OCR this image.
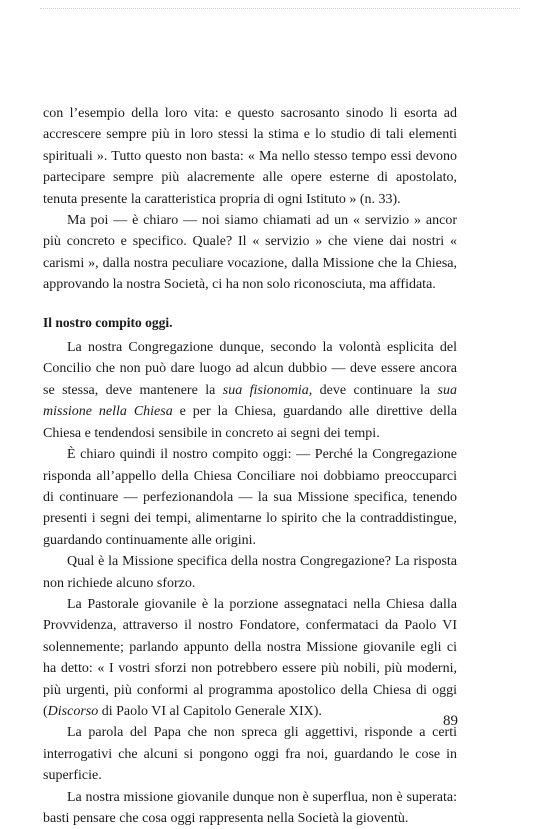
con l’esempio della loro vita: e questo sacrosanto sinodo li esorta ad accrescere sempre più in loro stessi la stima e lo studio di tali elementi spirituali ». Tutto questo non basta: « Ma nello stesso tempo essi devono partecipare sempre più alacremente alle opere esterne di apostolato, tenuta presente la caratteristica propria di ogni Istituto » (n. 33).

Ma poi — è chiaro — noi siamo chiamati ad un « servizio » ancor più concreto e specifico. Quale? Il « servizio » che viene dai nostri « carismi », dalla nostra peculiare vocazione, dalla Missione che la Chiesa, approvando la nostra Società, ci ha non solo riconosciuta, ma affidata.

Il nostro compito oggi.

La nostra Congregazione dunque, secondo la volontà esplicita del Concilio che non può dare luogo ad alcun dubbio — deve essere ancora se stessa, deve mantenere la sua fisionomia, deve continuare la sua missione nella Chiesa e per la Chiesa, guardando alle direttive della Chiesa e tendendosi sensibile in concreto ai segni dei tempi.

È chiaro quindi il nostro compito oggi: — Perché la Congregazione risponda all’appello della Chiesa Conciliare noi dobbiamo preoccuparci di continuare — perfezionandola — la sua Missione specifica, tenendo presenti i segni dei tempi, alimentarne lo spirito che la contraddistingue, guardando continuamente alle origini.

Qual è la Missione specifica della nostra Congregazione? La risposta non richiede alcuno sforzo.

La Pastorale giovanile è la porzione assegnataci nella Chiesa dalla Provvidenza, attraverso il nostro Fondatore, confermataci da Paolo VI solennemente; parlando appunto della nostra Missione giovanile egli ci ha detto: « I vostri sforzi non potrebbero essere più nobili, più moderni, più urgenti, più conformi al programma apostolico della Chiesa di oggi (Discorso di Paolo VI al Capitolo Generale XIX).

La parola del Papa che non spreca gli aggettivi, risponde a certi interrogativi che alcuni si pongono oggi fra noi, guardando le cose in superficie.

La nostra missione giovanile dunque non è superflua, non è superata: basti pensare che cosa oggi rappresenta nella Società la gioventù.

89
